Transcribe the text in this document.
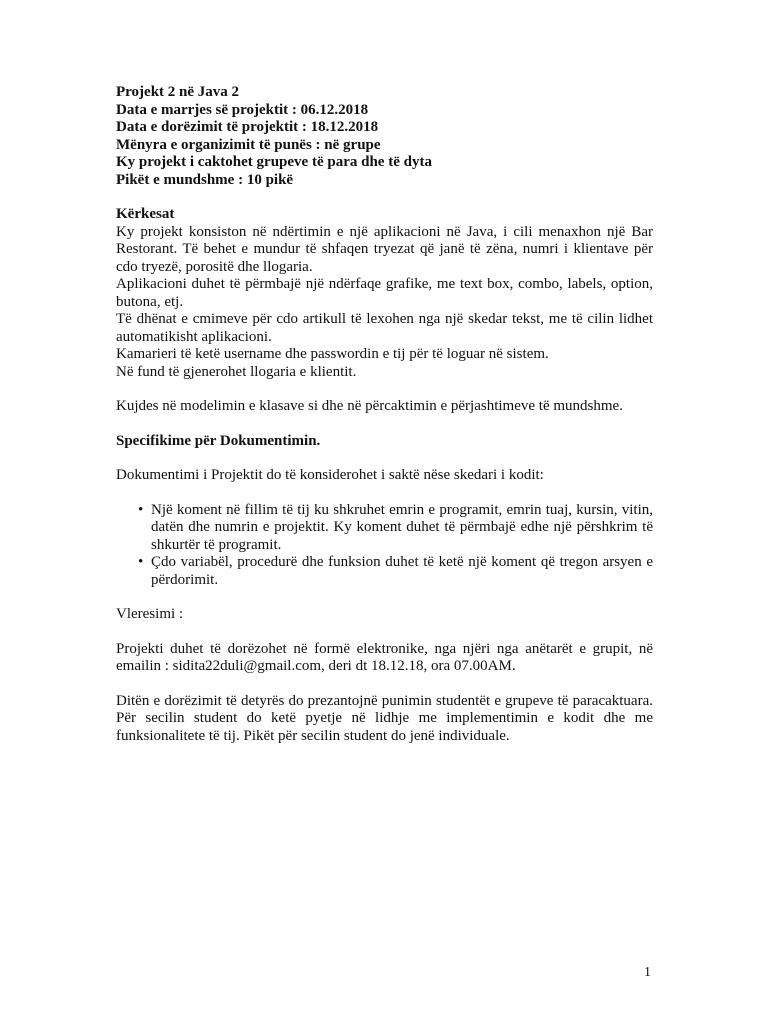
Projekt 2 në Java 2
Data e marrjes së projektit : 06.12.2018
Data e dorëzimit të projektit : 18.12.2018
Mënyra e organizimit të punës : në grupe
Ky projekt i caktohet grupeve të para dhe të dyta
Pikët e mundshme : 10 pikë
Kërkesat
Ky projekt konsiston në ndërtimin e një aplikacioni në Java, i cili menaxhon një Bar Restorant. Të behet e mundur të shfaqen tryezat që janë të zëna, numri i klientave për cdo tryezë, porositë dhe llogaria.
Aplikacioni duhet të përmbajë një ndërfaqe grafike, me text box, combo, labels, option, butona, etj.
Të dhënat e cmimeve për cdo artikull të lexohen nga një skedar tekst, me të cilin lidhet automatikisht aplikacioni.
Kamarieri të ketë username dhe passwordin e tij për të loguar në sistem.
Në fund të gjenerohet llogaria e klientit.
Kujdes në modelimin e klasave si dhe në përcaktimin e përjashtimeve të mundshme.
Specifikime për Dokumentimin.
Dokumentimi i Projektit do të konsiderohet i saktë nëse skedari i kodit:
• Një koment në fillim të tij ku shkruhet emrin e programit, emrin tuaj, kursin, vitin, datën dhe numrin e projektit. Ky koment duhet të përmbajë edhe një përshkrim të shkurtër të programit.
• Çdo variabël, procedurë dhe funksion duhet të ketë një koment që tregon arsyen e përdorimit.
Vleresimi :
Projekti duhet të dorëzohet në formë elektronike, nga njëri nga anëtarët e grupit, në emailin : sidita22duli@gmail.com, deri dt 18.12.18, ora 07.00AM.
Ditën e dorëzimit të detyrës do prezantojnë punimin studentët e grupeve të paracaktuara. Për secilin student do ketë pyetje në lidhje me implementimin e kodit dhe me funksionalitete të tij. Pikët për secilin student do jenë individuale.
1
